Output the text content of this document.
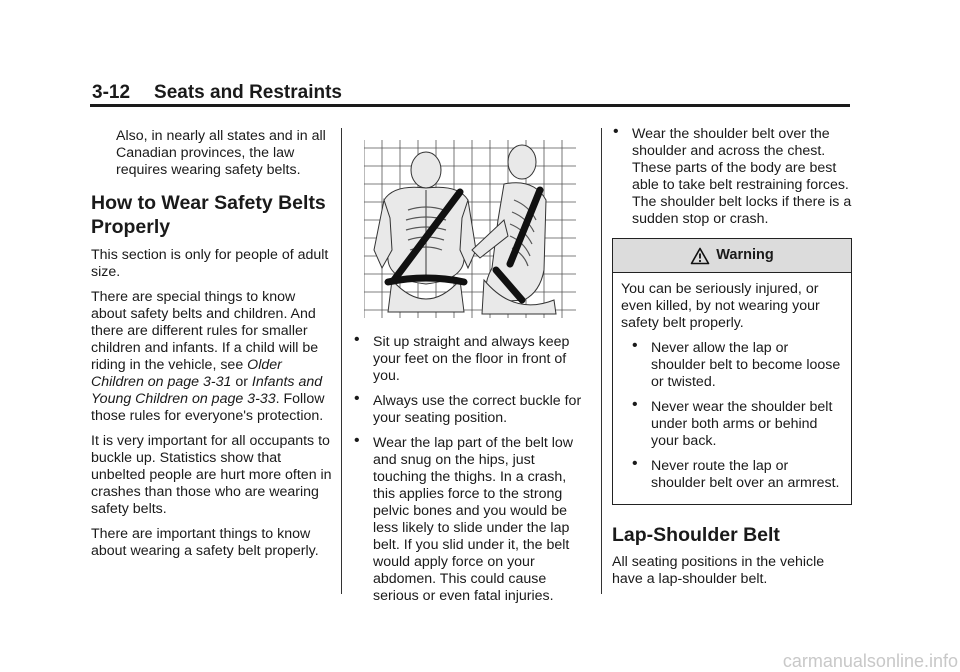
3-12 Seats and Restraints

Also, in nearly all states and in all Canadian provinces, the law requires wearing safety belts.

How to Wear Safety Belts Properly

This section is only for people of adult size.

There are special things to know about safety belts and children. And there are different rules for smaller children and infants. If a child will be riding in the vehicle, see Older Children on page 3-31 or Infants and Young Children on page 3-33. Follow those rules for everyone's protection.

It is very important for all occupants to buckle up. Statistics show that unbelted people are hurt more often in crashes than those who are wearing safety belts.

There are important things to know about wearing a safety belt properly.

• Sit up straight and always keep your feet on the floor in front of you.
• Always use the correct buckle for your seating position.
• Wear the lap part of the belt low and snug on the hips, just touching the thighs. In a crash, this applies force to the strong pelvic bones and you would be less likely to slide under the lap belt. If you slid under it, the belt would apply force on your abdomen. This could cause serious or even fatal injuries.
• Wear the shoulder belt over the shoulder and across the chest. These parts of the body are best able to take belt restraining forces. The shoulder belt locks if there is a sudden stop or crash.
Warning

You can be seriously injured, or even killed, by not wearing your safety belt properly.

• Never allow the lap or shoulder belt to become loose or twisted.
• Never wear the shoulder belt under both arms or behind your back.
• Never route the lap or shoulder belt over an armrest.
Lap-Shoulder Belt

All seating positions in the vehicle have a lap-shoulder belt.

carmanualsonline.info
